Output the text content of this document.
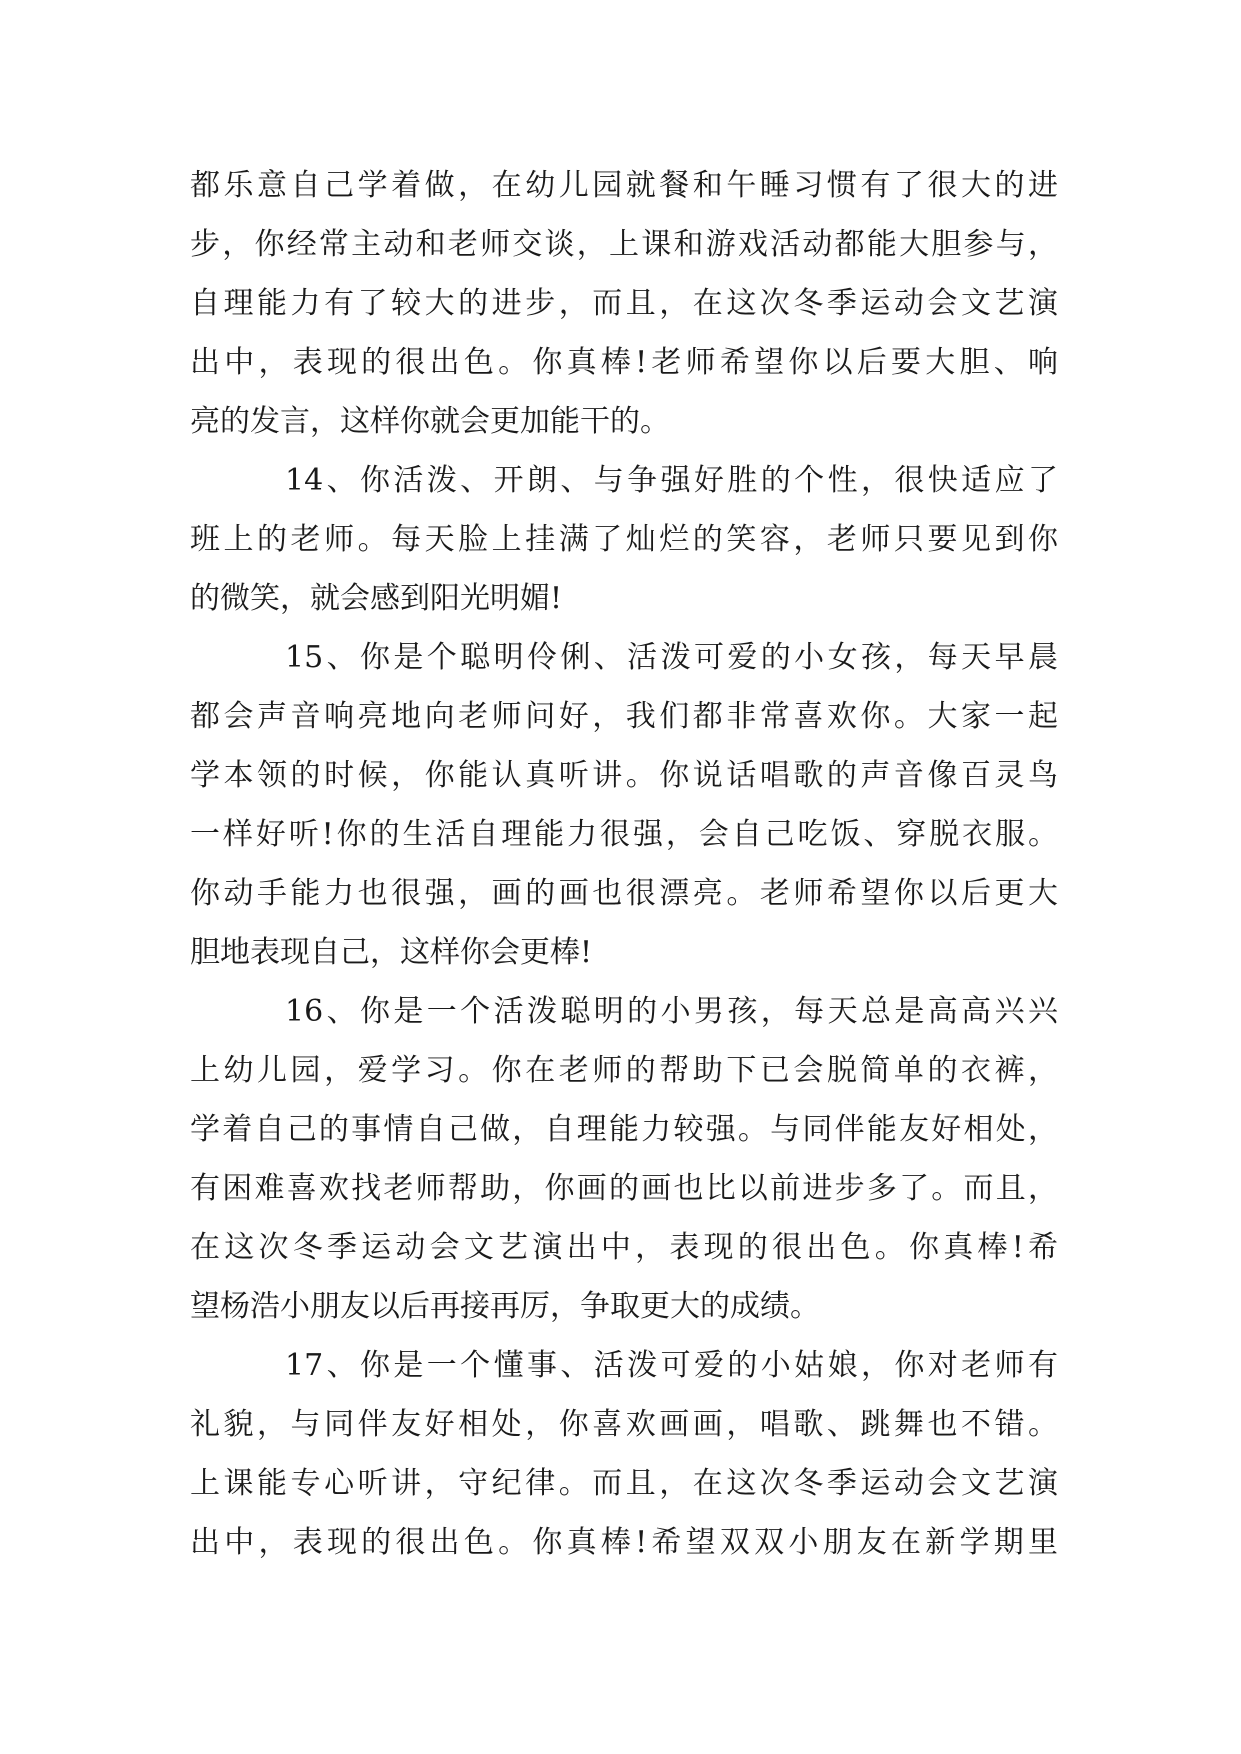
都乐意自己学着做，在幼儿园就餐和午睡习惯有了很大的进
步，你经常主动和老师交谈，上课和游戏活动都能大胆参与，
自理能力有了较大的进步，而且，在这次冬季运动会文艺演
出中，表现的很出色。你真棒!老师希望你以后要大胆、响
亮的发言，这样你就会更加能干的。
14、你活泼、开朗、与争强好胜的个性，很快适应了
班上的老师。每天脸上挂满了灿烂的笑容，老师只要见到你
的微笑，就会感到阳光明媚!
15、你是个聪明伶俐、活泼可爱的小女孩，每天早晨
都会声音响亮地向老师问好，我们都非常喜欢你。大家一起
学本领的时候，你能认真听讲。你说话唱歌的声音像百灵鸟
一样好听!你的生活自理能力很强，会自己吃饭、穿脱衣服。
你动手能力也很强，画的画也很漂亮。老师希望你以后更大
胆地表现自己，这样你会更棒!
16、你是一个活泼聪明的小男孩，每天总是高高兴兴
上幼儿园，爱学习。你在老师的帮助下已会脱简单的衣裤，
学着自己的事情自己做，自理能力较强。与同伴能友好相处，
有困难喜欢找老师帮助，你画的画也比以前进步多了。而且，
在这次冬季运动会文艺演出中，表现的很出色。你真棒!希
望杨浩小朋友以后再接再厉，争取更大的成绩。
17、你是一个懂事、活泼可爱的小姑娘，你对老师有
礼貌，与同伴友好相处，你喜欢画画，唱歌、跳舞也不错。
上课能专心听讲，守纪律。而且，在这次冬季运动会文艺演
出中，表现的很出色。你真棒!希望双双小朋友在新学期里
